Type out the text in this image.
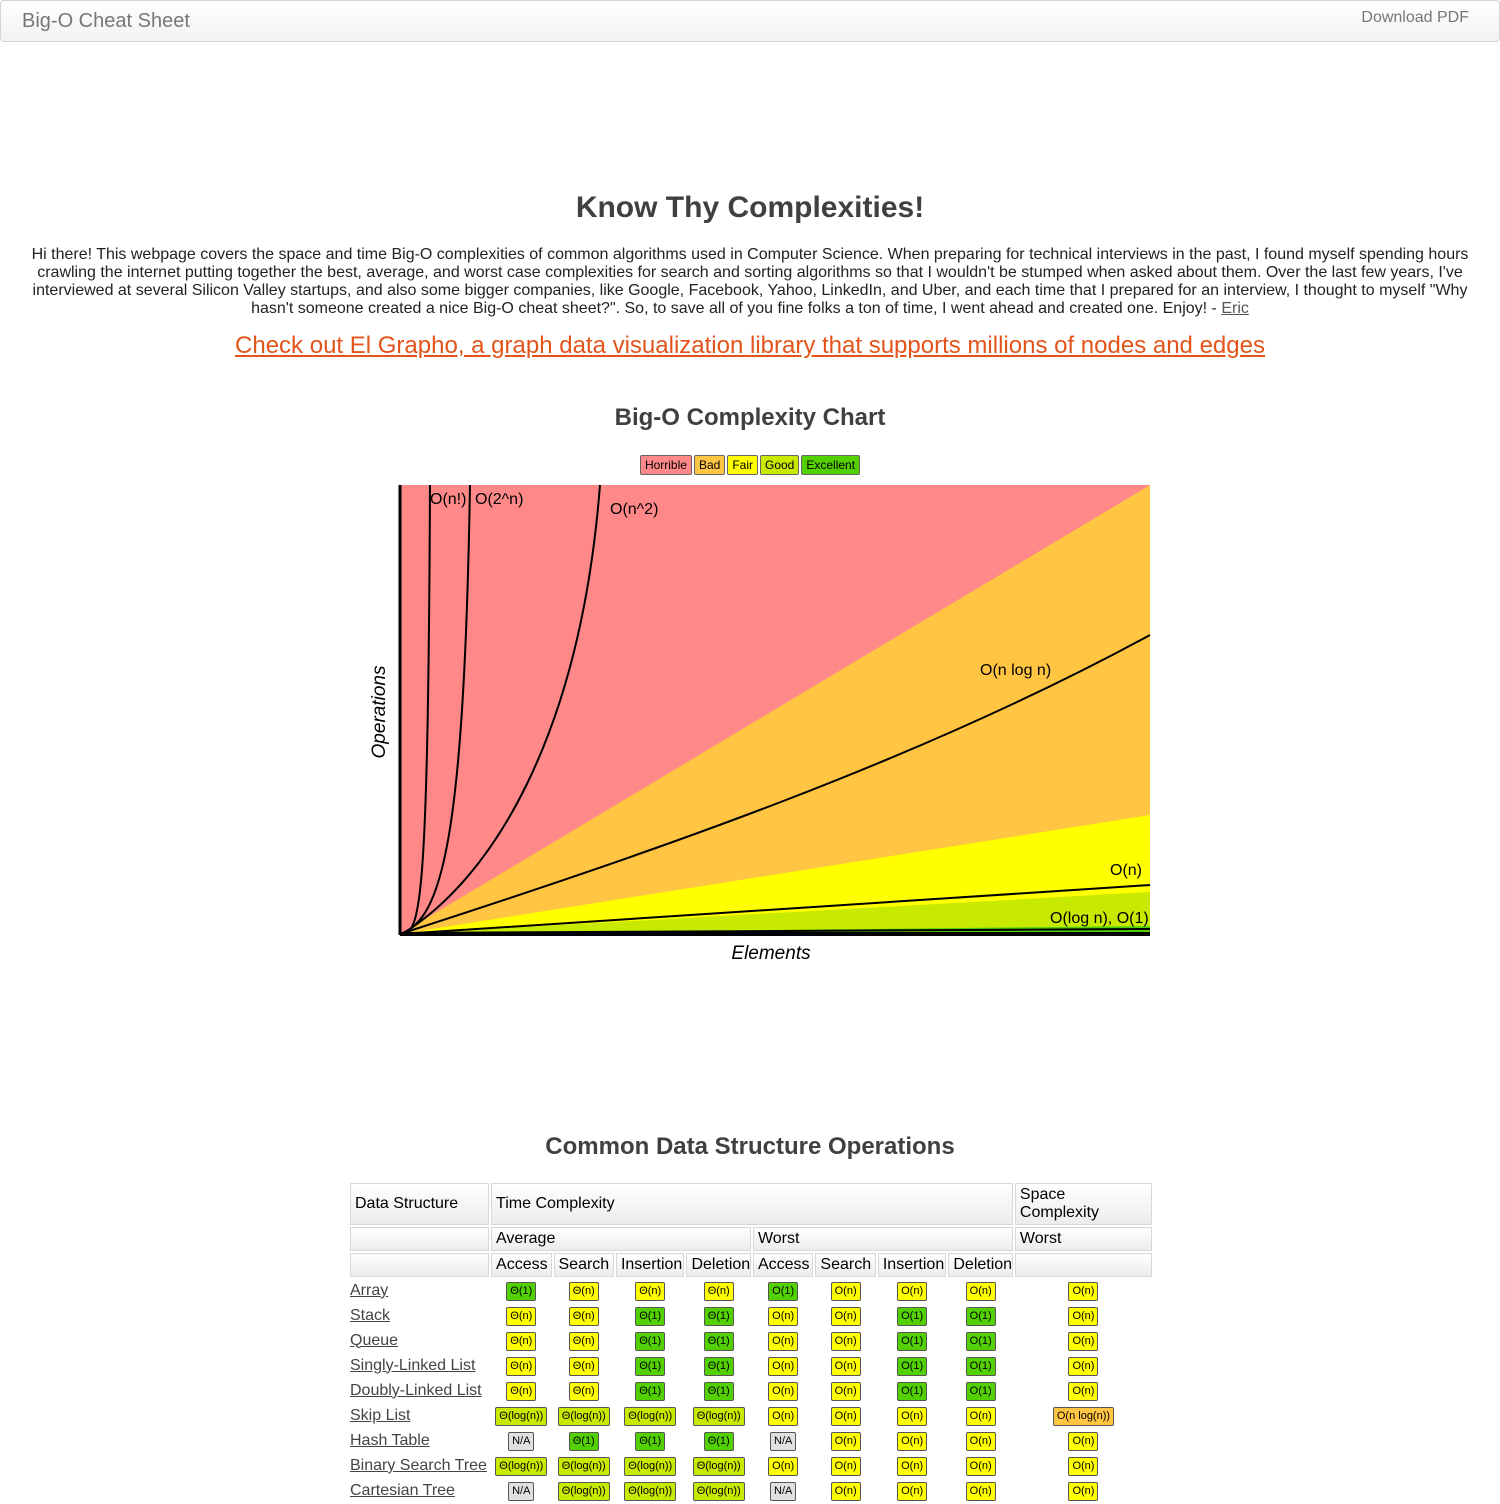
Big-O Cheat Sheet	Download PDF
Know Thy Complexities!
Hi there! This webpage covers the space and time Big-O complexities of common algorithms used in Computer Science. When preparing for technical interviews in the past, I found myself spending hours crawling the internet putting together the best, average, and worst case complexities for search and sorting algorithms so that I wouldn't be stumped when asked about them. Over the last few years, I've interviewed at several Silicon Valley startups, and also some bigger companies, like Google, Facebook, Yahoo, LinkedIn, and Uber, and each time that I prepared for an interview, I thought to myself "Why hasn't someone created a nice Big-O cheat sheet?". So, to save all of you fine folks a ton of time, I went ahead and created one. Enjoy! - Eric
Check out El Grapho, a graph data visualization library that supports millions of nodes and edges
Big-O Complexity Chart
Horrible Bad Fair Good Excellent
Elements
Operations
O(n!) O(2^n)
O(n^2)
O(n log n)
O(n)
O(log n), O(1)
Common Data Structure Operations
Data Structure	Time Complexity								Space Complexity
	Average				Worst				Worst
	Access	Search	Insertion	Deletion	Access	Search	Insertion	Deletion	
Array	Θ(1)	Θ(n)	Θ(n)	Θ(n)	O(1)	O(n)	O(n)	O(n)	O(n)
Stack	Θ(n)	Θ(n)	Θ(1)	Θ(1)	O(n)	O(n)	O(1)	O(1)	O(n)
Queue	Θ(n)	Θ(n)	Θ(1)	Θ(1)	O(n)	O(n)	O(1)	O(1)	O(n)
Singly-Linked List	Θ(n)	Θ(n)	Θ(1)	Θ(1)	O(n)	O(n)	O(1)	O(1)	O(n)
Doubly-Linked List	Θ(n)	Θ(n)	Θ(1)	Θ(1)	O(n)	O(n)	O(1)	O(1)	O(n)
Skip List	Θ(log(n))	Θ(log(n))	Θ(log(n))	Θ(log(n))	O(n)	O(n)	O(n)	O(n)	O(n log(n))
Hash Table	N/A	Θ(1)	Θ(1)	Θ(1)	N/A	O(n)	O(n)	O(n)	O(n)
Binary Search Tree	Θ(log(n))	Θ(log(n))	Θ(log(n))	Θ(log(n))	O(n)	O(n)	O(n)	O(n)	O(n)
Cartesian Tree	N/A	Θ(log(n))	Θ(log(n))	Θ(log(n))	N/A	O(n)	O(n)	O(n)	O(n)
